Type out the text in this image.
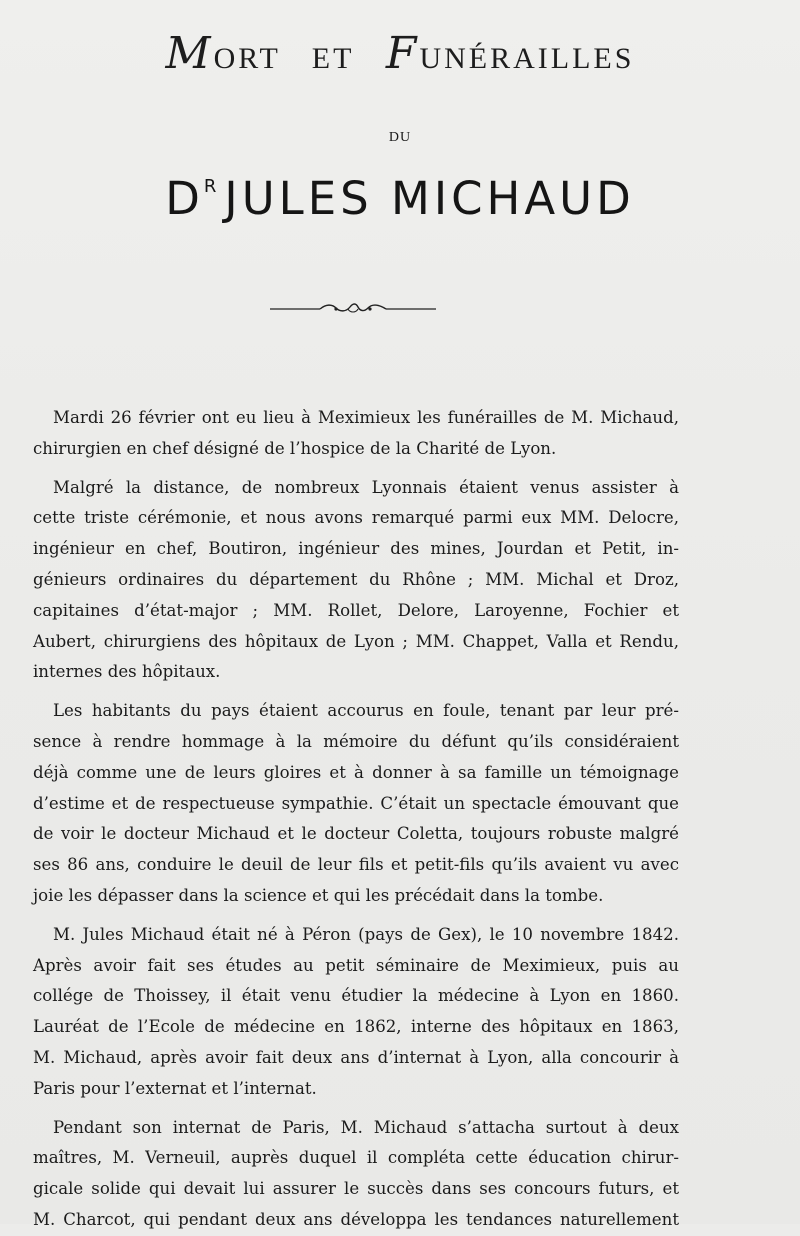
MORT ET FUNÉRAILLES
DU
$D^R$ JULES MICHAUD
Mardi 26 février ont eu lieu à Meximieux les funérailles de M. Michaud,
chirurgien en chef désigné de l’hospice de la Charité de Lyon.
Malgré la distance, de nombreux Lyonnais étaient venus assister à
cette triste cérémonie, et nous avons remarqué parmi eux MM. Delocre,
ingénieur en chef, Boutiron, ingénieur des mines, Jourdan et Petit, in-
génieurs ordinaires du département du Rhône ; MM. Michal et Droz,
capitaines d’état-major ; MM. Rollet, Delore, Laroyenne, Fochier et
Aubert, chirurgiens des hôpitaux de Lyon ; MM. Chappet, Valla et Rendu,
internes des hôpitaux.
Les habitants du pays étaient accourus en foule, tenant par leur pré-
sence à rendre hommage à la mémoire du défunt qu’ils considéraient
déjà comme une de leurs gloires et à donner à sa famille un témoignage
d’estime et de respectueuse sympathie. C’était un spectacle émouvant que
de voir le docteur Michaud et le docteur Coletta, toujours robuste malgré
ses 86 ans, conduire le deuil de leur fils et petit-fils qu’ils avaient vu avec
joie les dépasser dans la science et qui les précédait dans la tombe.
M. Jules Michaud était né à Péron (pays de Gex), le 10 novembre 1842.
Après avoir fait ses études au petit séminaire de Meximieux, puis au
collége de Thoissey, il était venu étudier la médecine à Lyon en 1860.
Lauréat de l’Ecole de médecine en 1862, interne des hôpitaux en 1863,
M. Michaud, après avoir fait deux ans d’internat à Lyon, alla concourir à
Paris pour l’externat et l’internat.
Pendant son internat de Paris, M. Michaud s’attacha surtout à deux
maîtres, M. Verneuil, auprès duquel il compléta cette éducation chirur-
gicale solide qui devait lui assurer le succès dans ses concours futurs, et
M. Charcot, qui pendant deux ans développa les tendances naturellement
